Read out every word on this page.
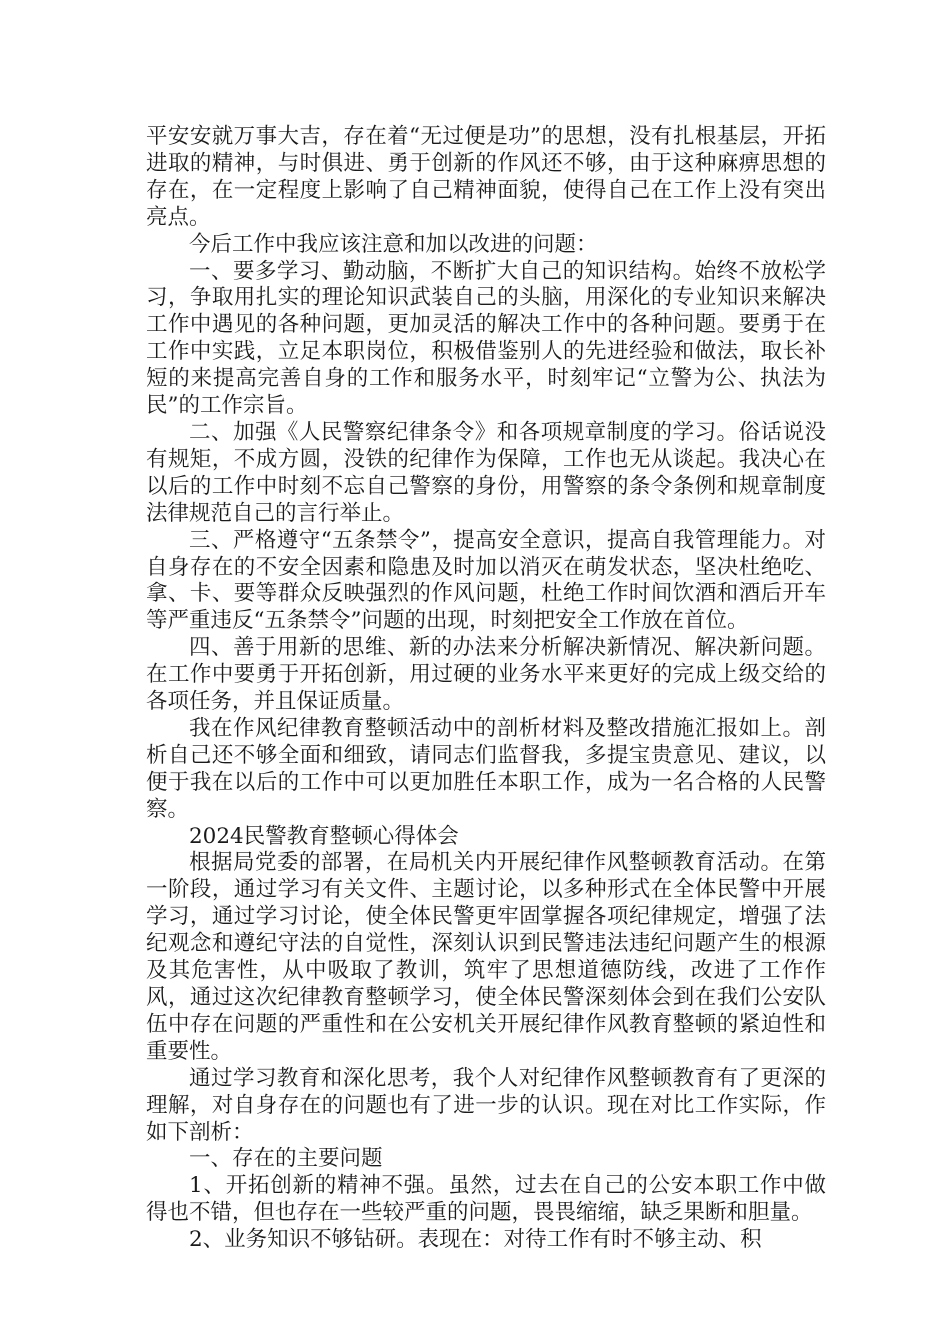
平安安就万事大吉，存在着“无过便是功”的思想，没有扎根基层，开拓进取的精神，与时俱进、勇于创新的作风还不够，由于这种麻痹思想的存在，在一定程度上影响了自己精神面貌，使得自己在工作上没有突出亮点。

今后工作中我应该注意和加以改进的问题：

一、要多学习、勤动脑，不断扩大自己的知识结构。始终不放松学习，争取用扎实的理论知识武装自己的头脑，用深化的专业知识来解决工作中遇见的各种问题，更加灵活的解决工作中的各种问题。要勇于在工作中实践，立足本职岗位，积极借鉴别人的先进经验和做法，取长补短的来提高完善自身的工作和服务水平，时刻牢记“立警为公、执法为民”的工作宗旨。

二、加强《人民警察纪律条令》和各项规章制度的学习。俗话说没有规矩，不成方圆，没铁的纪律作为保障，工作也无从谈起。我决心在以后的工作中时刻不忘自己警察的身份，用警察的条令条例和规章制度法律规范自己的言行举止。

三、严格遵守“五条禁令”，提高安全意识，提高自我管理能力。对自身存在的不安全因素和隐患及时加以消灭在萌发状态，坚决杜绝吃、拿、卡、要等群众反映强烈的作风问题，杜绝工作时间饮酒和酒后开车等严重违反“五条禁令”问题的出现，时刻把安全工作放在首位。

四、善于用新的思维、新的办法来分析解决新情况、解决新问题。在工作中要勇于开拓创新，用过硬的业务水平来更好的完成上级交给的各项任务，并且保证质量。

我在作风纪律教育整顿活动中的剖析材料及整改措施汇报如上。剖析自己还不够全面和细致，请同志们监督我，多提宝贵意见、建议，以便于我在以后的工作中可以更加胜任本职工作，成为一名合格的人民警察。

2024民警教育整顿心得体会

根据局党委的部署，在局机关内开展纪律作风整顿教育活动。在第一阶段，通过学习有关文件、主题讨论，以多种形式在全体民警中开展学习，通过学习讨论，使全体民警更牢固掌握各项纪律规定，增强了法纪观念和遵纪守法的自觉性，深刻认识到民警违法违纪问题产生的根源及其危害性，从中吸取了教训，筑牢了思想道德防线，改进了工作作风，通过这次纪律教育整顿学习，使全体民警深刻体会到在我们公安队伍中存在问题的严重性和在公安机关开展纪律作风教育整顿的紧迫性和重要性。

通过学习教育和深化思考，我个人对纪律作风整顿教育有了更深的理解，对自身存在的问题也有了进一步的认识。现在对比工作实际，作如下剖析：

一、存在的主要问题

1、开拓创新的精神不强。虽然，过去在自己的公安本职工作中做得也不错，但也存在一些较严重的问题，畏畏缩缩，缺乏果断和胆量。

2、业务知识不够钻研。表现在：对待工作有时不够主动、积
